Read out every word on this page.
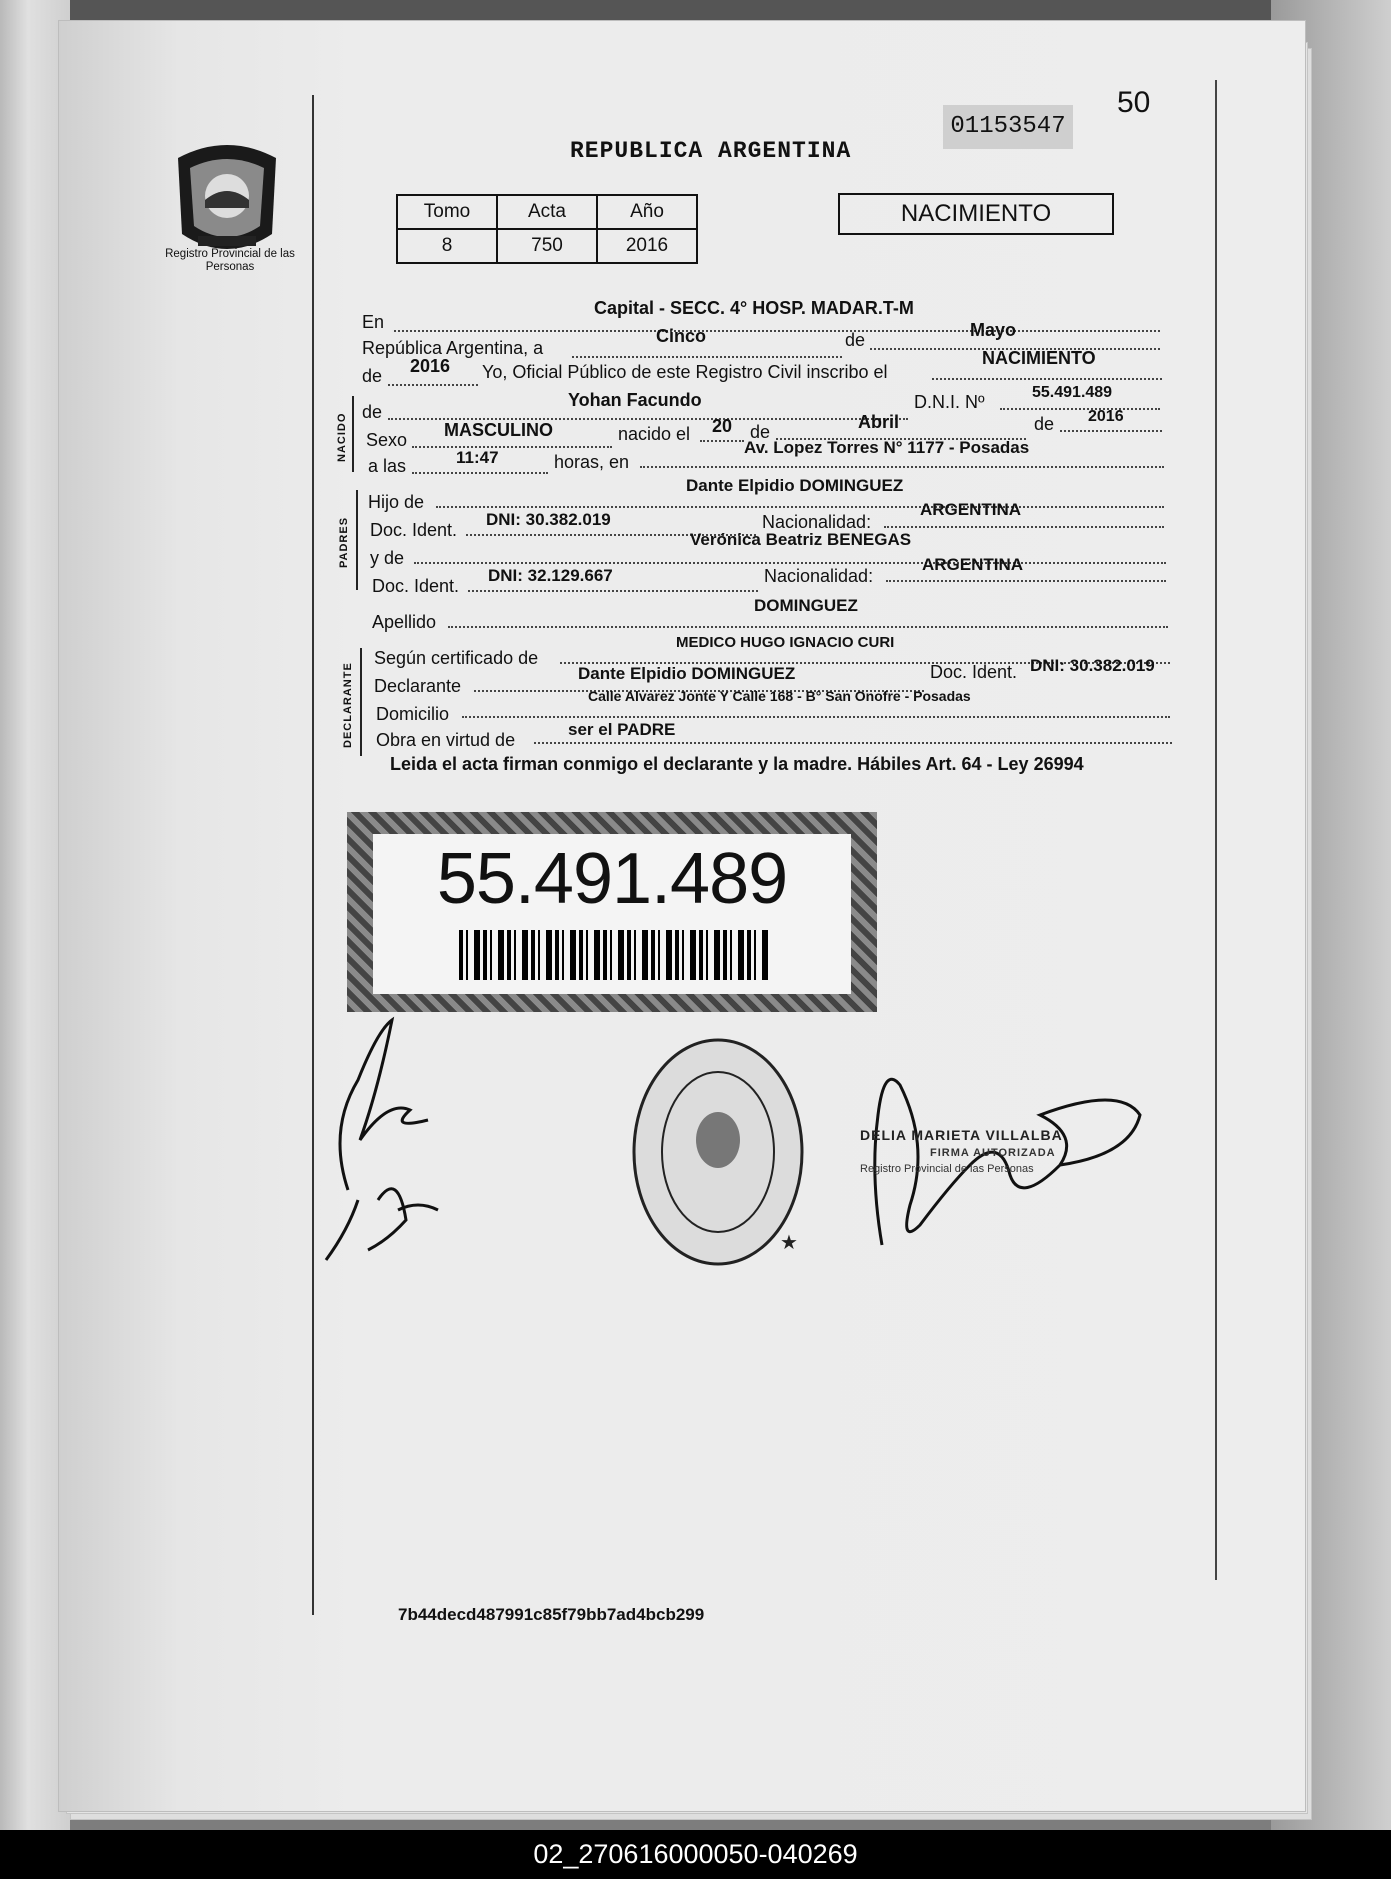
50
01153547
REPUBLICA ARGENTINA
Registro Provincial de las Personas
Tomo	Acta	Año
8	750	2016
NACIMIENTO
En
Capital - SECC. 4° HOSP. MADAR.T-M
República Argentina, a
Cinco	de	Mayo
de 2016 Yo, Oficial Público de este Registro Civil inscribo el
NACIMIENTO
NACIDO
de
Yohan Facundo	D.N.I. Nº	55.491.489
Sexo MASCULINO	nacido el 20 de	Abril	de 2016
a las	11:47	horas, en
Av. Lopez Torres N° 1177 - Posadas
PADRES
Hijo de
Dante Elpidio DOMINGUEZ
Doc. Ident.
DNI: 30.382.019	Nacionalidad:
ARGENTINA
y de
Verónica Beatriz BENEGAS
Doc. Ident.
DNI: 32.129.667	Nacionalidad:
ARGENTINA
Apellido
DOMINGUEZ
DECLARANTE
Según certificado de
MEDICO HUGO IGNACIO CURI
Declarante
Dante Elpidio DOMINGUEZ	Doc. Ident. DNI: 30.382.019
Domicilio
Calle Alvarez Jonte Y Calle 168 - B° San Onofre - Posadas
Obra en virtud de
ser el PADRE
Leida el acta firman conmigo el declarante y la madre. Hábiles Art. 64 - Ley 26994
55.491.489
★
DELIA MARIETA VILLALBA
FIRMA AUTORIZADA
Registro Provincial de las Personas
7b44decd487991c85f79bb7ad4bcb299
02_270616000050-040269
